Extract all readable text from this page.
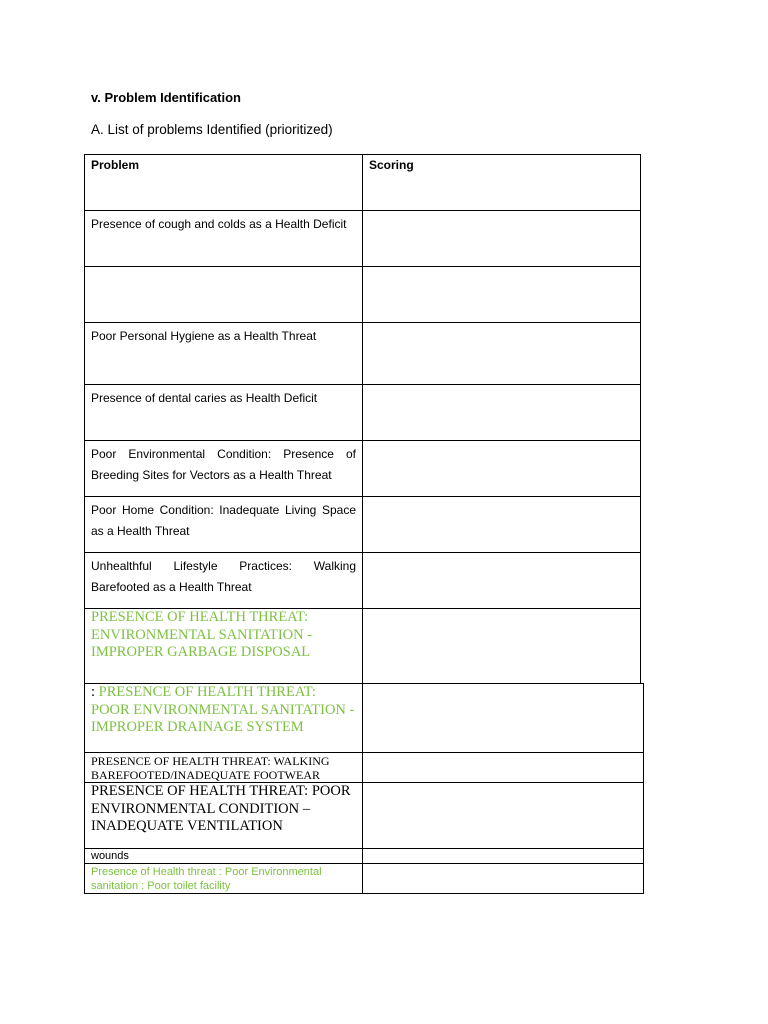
v. Problem Identification
A. List of problems Identified (prioritized)
Problem	Scoring
Presence of cough and colds as a Health Deficit
Poor Personal Hygiene as a Health Threat
Presence of dental caries as Health Deficit
Poor Environmental Condition: Presence of Breeding Sites for Vectors as a Health Threat
Poor Home Condition: Inadequate Living Space as a Health Threat
Unhealthful Lifestyle Practices: Walking Barefooted as a Health Threat
PRESENCE OF HEALTH THREAT: ENVIRONMENTAL SANITATION - IMPROPER GARBAGE DISPOSAL
: PRESENCE OF HEALTH THREAT: POOR ENVIRONMENTAL SANITATION - IMPROPER DRAINAGE SYSTEM
PRESENCE OF HEALTH THREAT: WALKING BAREFOOTED/INADEQUATE FOOTWEAR
PRESENCE OF HEALTH THREAT: POOR ENVIRONMENTAL CONDITION – INADEQUATE VENTILATION
wounds
Presence of Health threat : Poor Environmental sanitation : Poor toilet facility
